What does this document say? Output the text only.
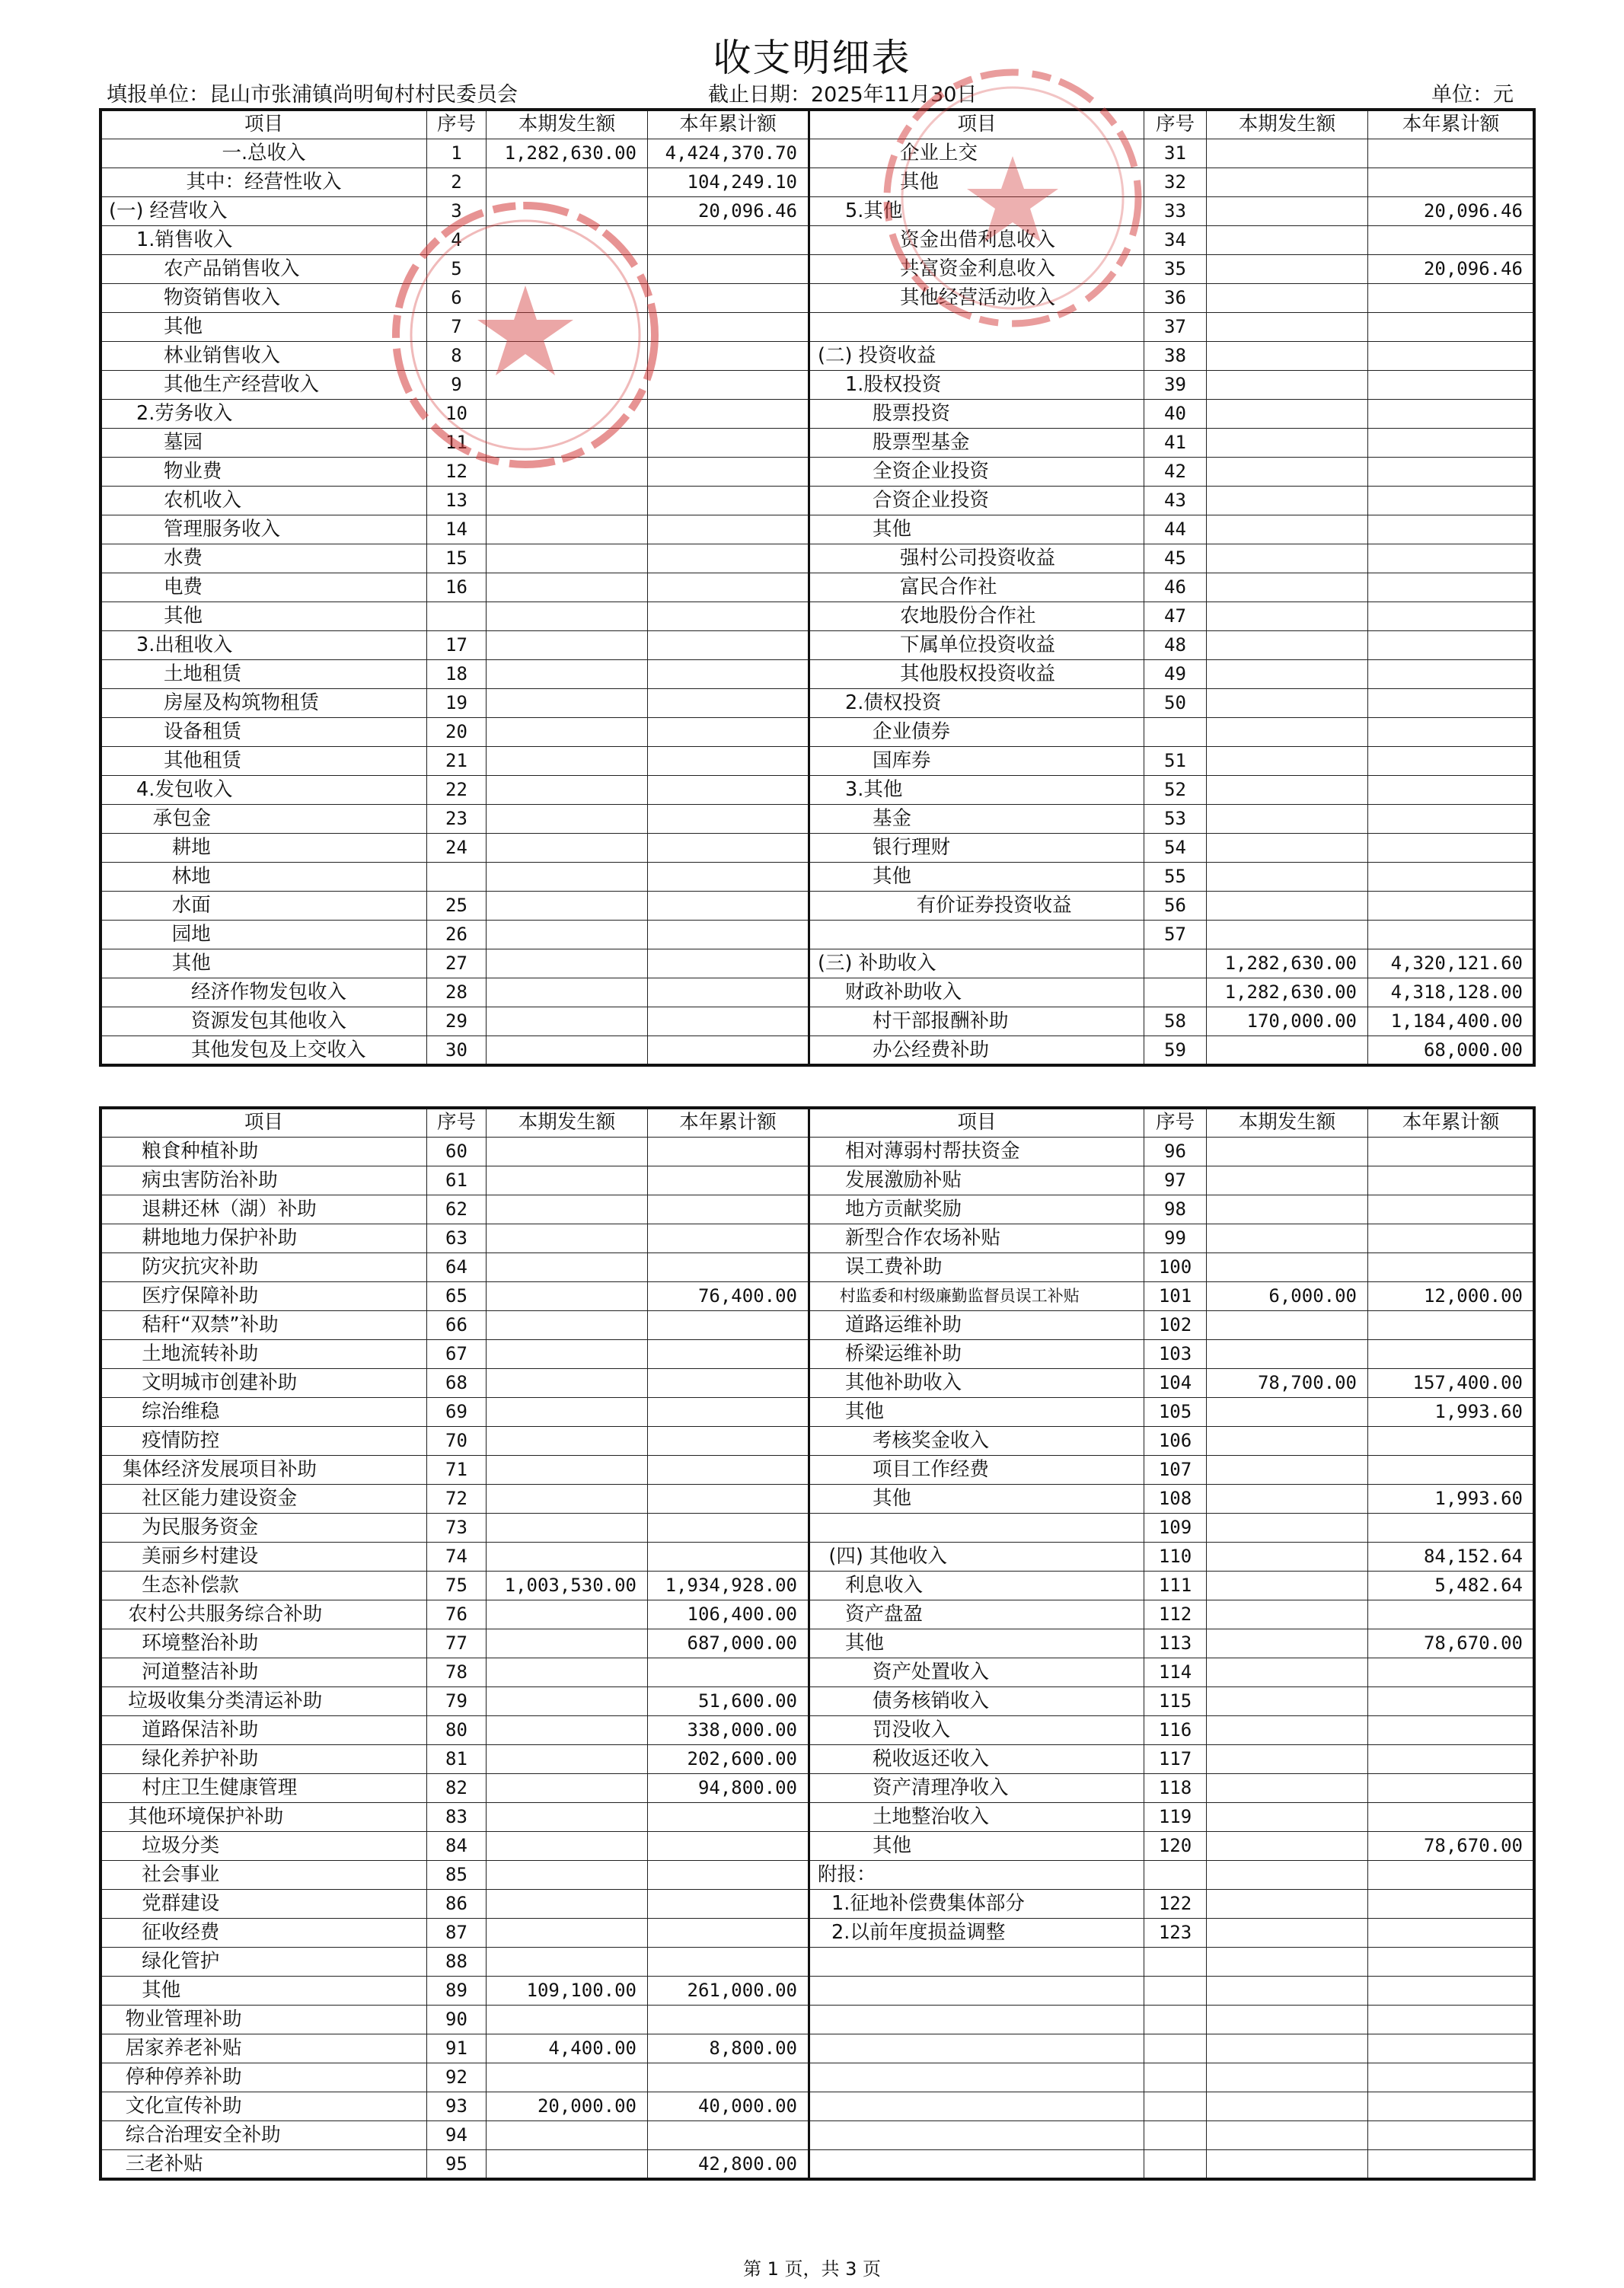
收支明细表
填报单位：昆山市张浦镇尚明甸村村民委员会	截止日期：2025年11月30日	单位：元
项目	序号	本期发生额	本年累计额	项目	序号	本期发生额	本年累计额
一.总收入	1	1,282,630.00	4,424,370.70	企业上交	31		
其中：经营性收入	2		104,249.10	其他	32		
(一) 经营收入	3		20,096.46	5.其他	33		20,096.46
1.销售收入	4			资金出借利息收入	34		
农产品销售收入	5			共富资金利息收入	35		20,096.46
物资销售收入	6			其他经营活动收入	36		
其他	7				37		
林业销售收入	8			(二) 投资收益	38		
其他生产经营收入	9			1.股权投资	39		
2.劳务收入	10			股票投资	40		
墓园	11			股票型基金	41		
物业费	12			全资企业投资	42		
农机收入	13			合资企业投资	43		
管理服务收入	14			其他	44		
水费	15			强村公司投资收益	45		
电费	16			富民合作社	46		
其他				农地股份合作社	47		
3.出租收入	17			下属单位投资收益	48		
土地租赁	18			其他股权投资收益	49		
房屋及构筑物租赁	19			2.债权投资	50		
设备租赁	20			企业债券			
其他租赁	21			国库券	51		
4.发包收入	22			3.其他	52		
承包金	23			基金	53		
耕地	24			银行理财	54		
林地				其他	55		
水面	25			有价证券投资收益	56		
园地	26				57		
其他	27			(三) 补助收入		1,282,630.00	4,320,121.60
经济作物发包收入	28			财政补助收入		1,282,630.00	4,318,128.00
资源发包其他收入	29			村干部报酬补助	58	170,000.00	1,184,400.00
其他发包及上交收入	30			办公经费补助	59		68,000.00
项目	序号	本期发生额	本年累计额	项目	序号	本期发生额	本年累计额
粮食种植补助	60			相对薄弱村帮扶资金	96		
病虫害防治补助	61			发展激励补贴	97		
退耕还林（湖）补助	62			地方贡献奖励	98		
耕地地力保护补助	63			新型合作农场补贴	99		
防灾抗灾补助	64			误工费补助	100		
医疗保障补助	65		76,400.00	村监委和村级廉勤监督员误工补贴	101	6,000.00	12,000.00
秸秆“双禁”补助	66			道路运维补助	102		
土地流转补助	67			桥梁运维补助	103		
文明城市创建补助	68			其他补助收入	104	78,700.00	157,400.00
综治维稳	69			其他	105		1,993.60
疫情防控	70			考核奖金收入	106		
集体经济发展项目补助	71			项目工作经费	107		
社区能力建设资金	72			其他	108		1,993.60
为民服务资金	73				109		
美丽乡村建设	74			(四) 其他收入	110		84,152.64
生态补偿款	75	1,003,530.00	1,934,928.00	利息收入	111		5,482.64
农村公共服务综合补助	76		106,400.00	资产盘盈	112		
环境整治补助	77		687,000.00	其他	113		78,670.00
河道整洁补助	78			资产处置收入	114		
垃圾收集分类清运补助	79		51,600.00	债务核销收入	115		
道路保洁补助	80		338,000.00	罚没收入	116		
绿化养护补助	81		202,600.00	税收返还收入	117		
村庄卫生健康管理	82		94,800.00	资产清理净收入	118		
其他环境保护补助	83			土地整治收入	119		
垃圾分类	84			其他	120		78,670.00
社会事业	85			附报：			
党群建设	86			1.征地补偿费集体部分	122		
征收经费	87			2.以前年度损益调整	123		
绿化管护	88						
其他	89	109,100.00	261,000.00				
物业管理补助	90						
居家养老补贴	91	4,400.00	8,800.00				
停种停养补助	92						
文化宣传补助	93	20,000.00	40,000.00				
综合治理安全补助	94						
三老补贴	95		42,800.00				
第 1 页，共 3 页
